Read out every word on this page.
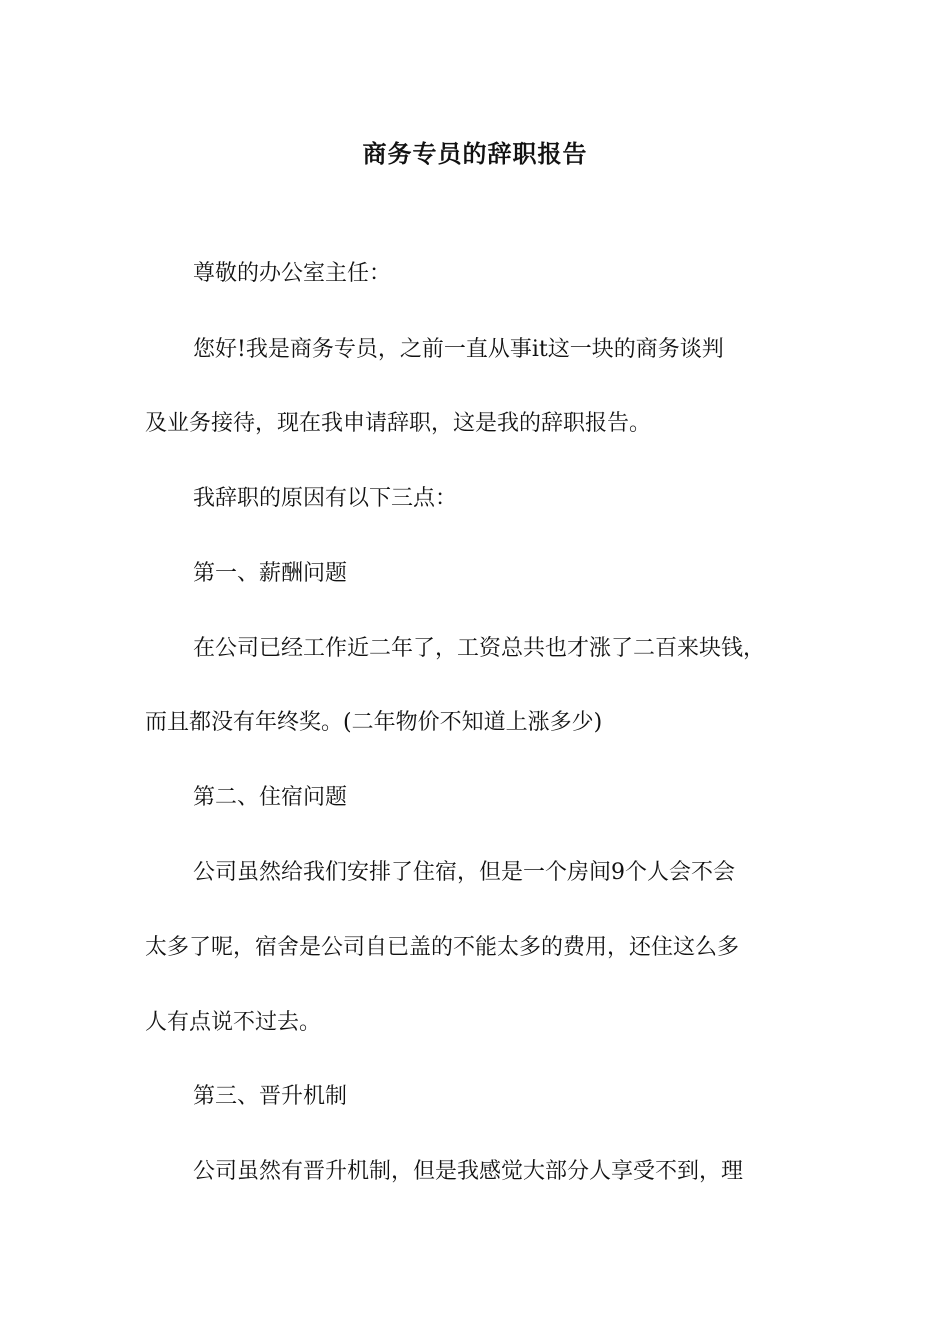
商务专员的辞职报告
尊敬的办公室主任：
您好!我是商务专员，之前一直从事it这一块的商务谈判
及业务接待，现在我申请辞职，这是我的辞职报告。
我辞职的原因有以下三点：
第一、薪酬问题
在公司已经工作近二年了，工资总共也才涨了二百来块钱，
而且都没有年终奖。(二年物价不知道上涨多少)
第二、住宿问题
公司虽然给我们安排了住宿，但是一个房间9个人会不会
太多了呢，宿舍是公司自已盖的不能太多的费用，还住这么多
人有点说不过去。
第三、晋升机制
公司虽然有晋升机制，但是我感觉大部分人享受不到，理
